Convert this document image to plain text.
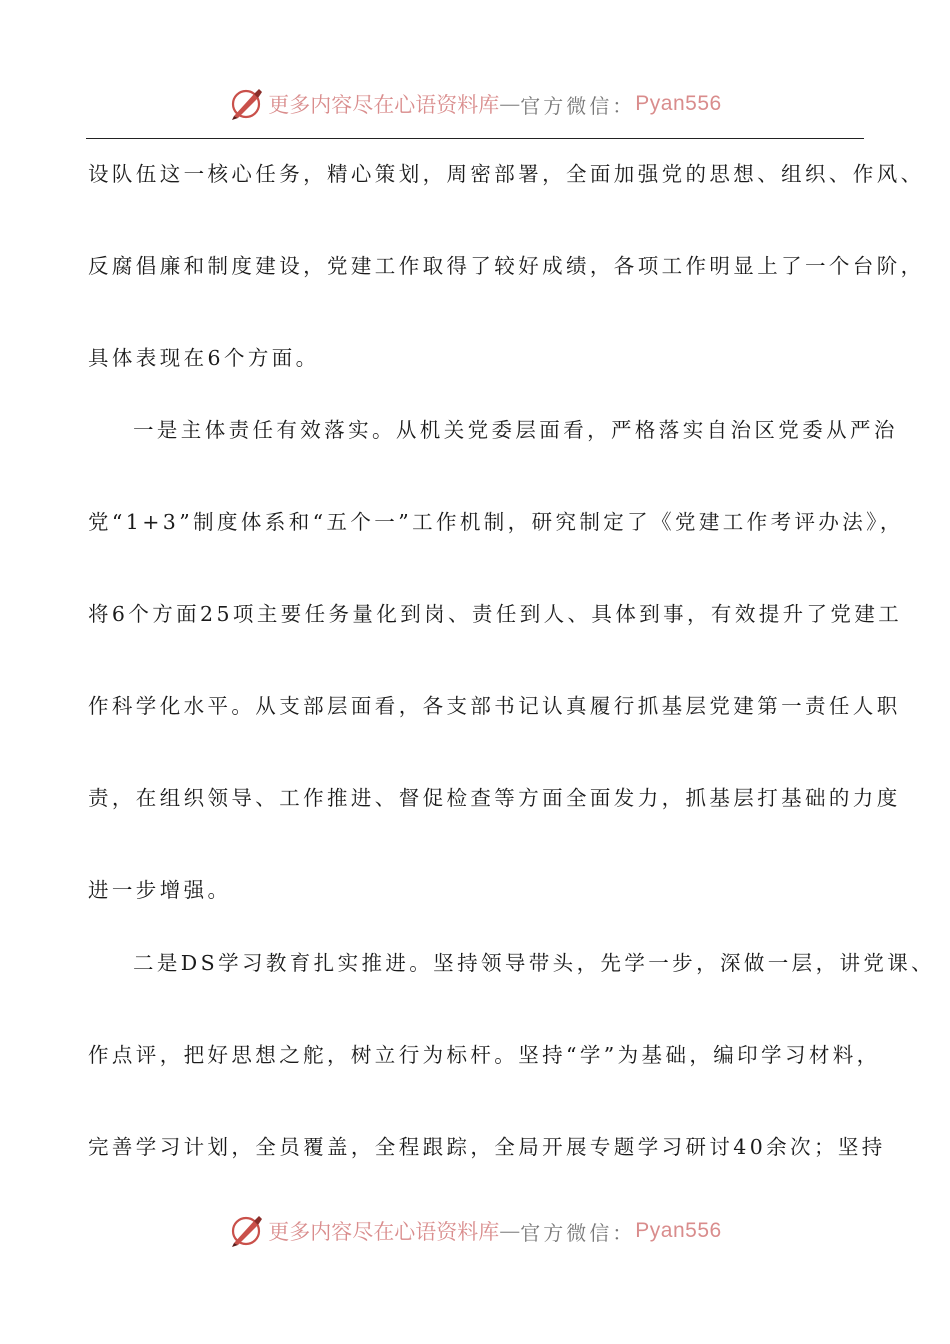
更多内容尽在心语资料库 — 官方微信： Pyan556
设队伍这一核心任务，精心策划，周密部署，全面加强党的思想、组织、作风、
反腐倡廉和制度建设，党建工作取得了较好成绩，各项工作明显上了一个台阶，
具体表现在6个方面。
一是主体责任有效落实。从机关党委层面看，严格落实自治区党委从严治
党“1+3”制度体系和“五个一”工作机制，研究制定了《党建工作考评办法》，
将6个方面25项主要任务量化到岗、责任到人、具体到事，有效提升了党建工
作科学化水平。从支部层面看，各支部书记认真履行抓基层党建第一责任人职
责，在组织领导、工作推进、督促检查等方面全面发力，抓基层打基础的力度
进一步增强。
二是DS学习教育扎实推进。坚持领导带头，先学一步，深做一层，讲党课、
作点评，把好思想之舵，树立行为标杆。坚持“学”为基础，编印学习材料，
完善学习计划，全员覆盖，全程跟踪，全局开展专题学习研讨40余次；坚持
更多内容尽在心语资料库 — 官方微信： Pyan556
